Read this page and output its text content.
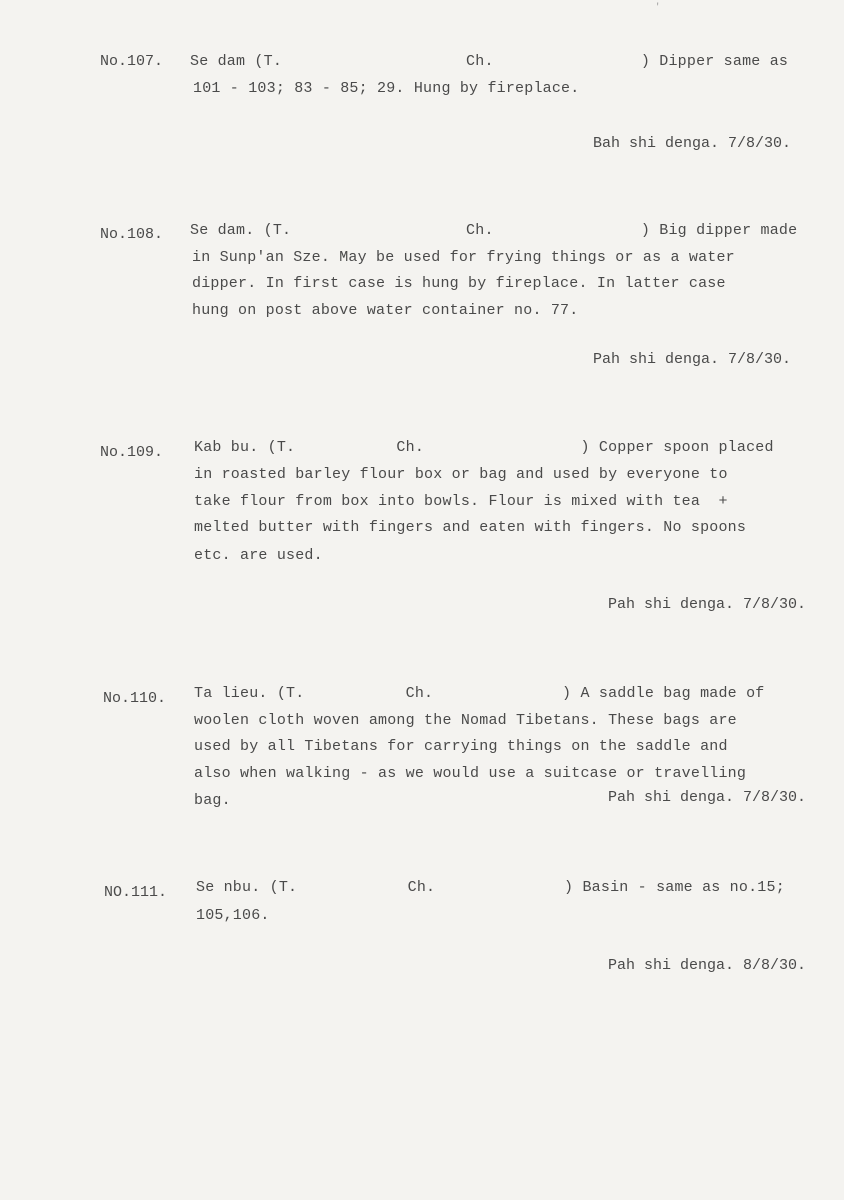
'
No.107. Se dam (T.                    Ch.                ) Dipper same as
101 - 103; 83 - 85; 29. Hung by fireplace.
Bah shi denga. 7/8/30.
No.108. Se dam. (T.                   Ch.                ) Big dipper made
in Sunp'an Sze. May be used for frying things or as a water
dipper. In first case is hung by fireplace. In latter case
hung on post above water container no. 77.
Pah shi denga. 7/8/30.
No.109. Kab bu. (T.           Ch.                 ) Copper spoon placed
in roasted barley flour box or bag and used by everyone to
take flour from box into bowls. Flour is mixed with tea  +
melted butter with fingers and eaten with fingers. No spoons
etc. are used.
Pah shi denga. 7/8/30.
No.110. Ta lieu. (T.           Ch.              ) A saddle bag made of
woolen cloth woven among the Nomad Tibetans. These bags are
used by all Tibetans for carrying things on the saddle and
also when walking - as we would use a suitcase or travelling
bag.	Pah shi denga. 7/8/30.
NO.111. Se nbu. (T.            Ch.              ) Basin - same as no.15;
105,106.
Pah shi denga. 8/8/30.
